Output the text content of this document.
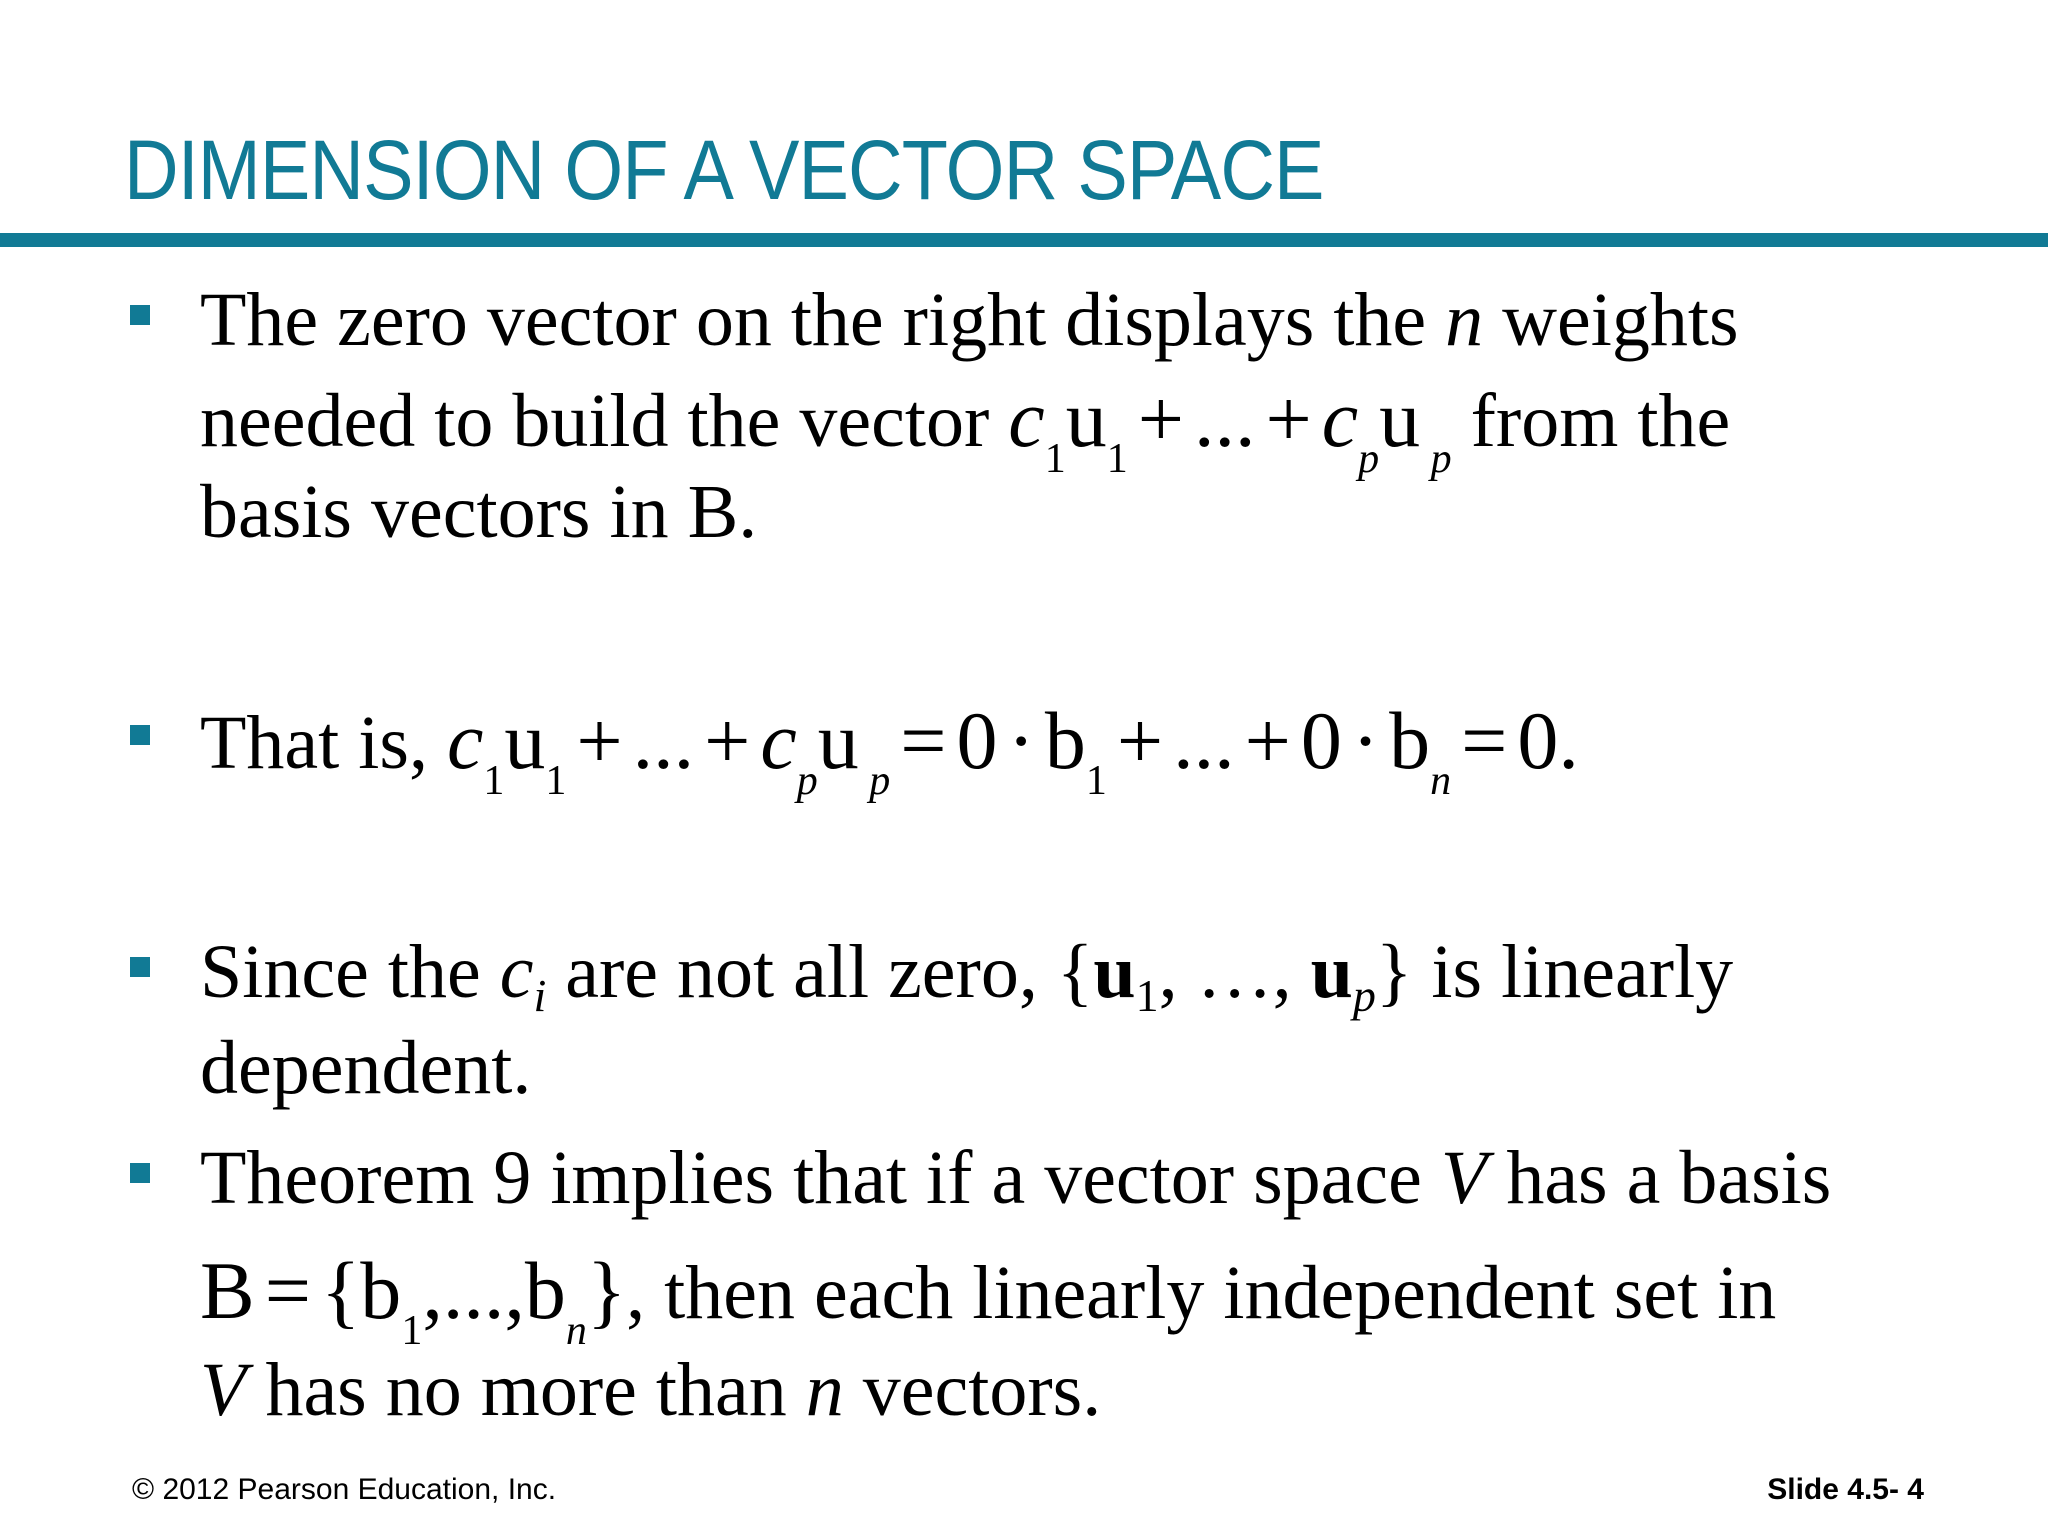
DIMENSION OF A VECTOR SPACE
The zero vector on the right displays the n weights
needed to build the vector $c_1u_1$ + ... + $c_pu$ $_p$ from the
basis vectors in B.
That is, $c_1u_1$ + ... + $c_pu$ $_p = 0 \cdot b_1$ + ... + $0 \cdot b_n = 0$.
Since the ci are not all zero, {u1, …, up} is linearly
dependent.
Theorem 9 implies that if a vector space V has a basis
$B = \{b_1,...,b_n\}$, then each linearly independent set in
V has no more than n vectors.
© 2012 Pearson Education, Inc.	Slide 4.5- 4
